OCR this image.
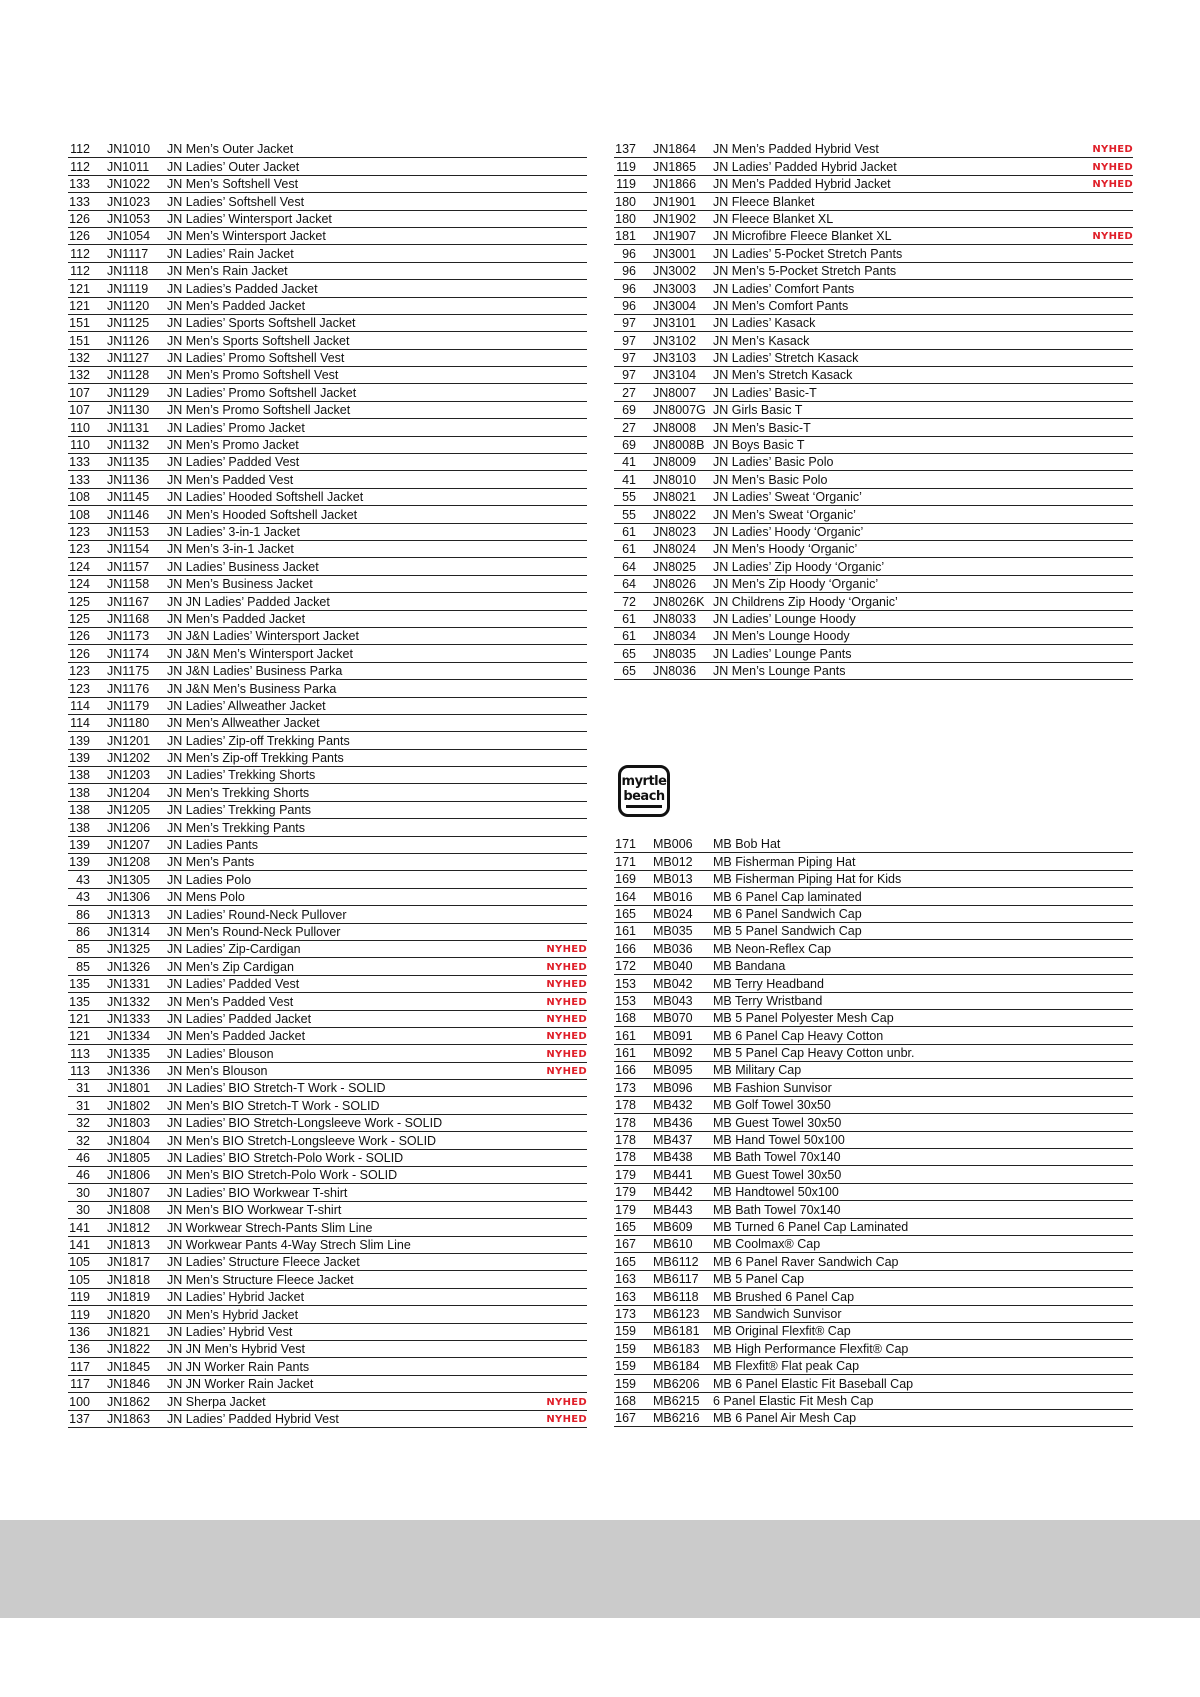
112 JN1010	JN Men’s Outer Jacket
112 JN1011	JN Ladies’ Outer Jacket
133 JN1022	JN Men’s Softshell Vest
133 JN1023	JN Ladies’ Softshell Vest
126 JN1053	JN Ladies’ Wintersport Jacket
126 JN1054	JN Men’s Wintersport Jacket
112 JN1117	JN Ladies’ Rain Jacket
112 JN1118	JN Men’s Rain Jacket
121 JN1119	JN Ladies’s Padded Jacket
121 JN1120	JN Men’s Padded Jacket
151 JN1125	JN Ladies’ Sports Softshell Jacket
151 JN1126	JN Men’s Sports Softshell Jacket
132 JN1127	JN Ladies’ Promo Softshell Vest
132 JN1128	JN Men’s Promo Softshell Vest
107 JN1129	JN Ladies’ Promo Softshell Jacket
107 JN1130	JN Men’s Promo Softshell Jacket
110 JN1131	JN Ladies’ Promo Jacket
110 JN1132	JN Men’s Promo Jacket
133 JN1135	JN Ladies’ Padded Vest
133 JN1136	JN Men’s Padded Vest
108 JN1145	JN Ladies’ Hooded Softshell Jacket
108 JN1146	JN Men’s Hooded Softshell Jacket
123 JN1153	JN Ladies’ 3-in-1 Jacket
123 JN1154	JN Men’s 3-in-1 Jacket
124 JN1157	JN Ladies’ Business Jacket
124 JN1158	JN Men’s Business Jacket
125 JN1167	JN JN Ladies’ Padded Jacket
125 JN1168	JN Men’s Padded Jacket
126 JN1173	JN J&N Ladies’ Wintersport Jacket
126 JN1174	JN J&N Men’s Wintersport Jacket
123 JN1175	JN J&N Ladies’ Business Parka
123 JN1176	JN J&N Men’s Business Parka
114 JN1179	JN Ladies’ Allweather Jacket
114 JN1180	JN Men’s Allweather Jacket
139 JN1201	JN Ladies’ Zip-off Trekking Pants
139 JN1202	JN Men’s Zip-off Trekking Pants
138 JN1203	JN Ladies’ Trekking Shorts
138 JN1204	JN Men’s Trekking Shorts
138 JN1205	JN Ladies’ Trekking Pants
138 JN1206	JN Men’s Trekking Pants
139 JN1207	JN Ladies Pants
139 JN1208	JN Men’s Pants
43 JN1305	JN Ladies Polo
43 JN1306	JN Mens Polo
86 JN1313	JN Ladies’ Round-Neck Pullover
86 JN1314	JN Men’s Round-Neck Pullover
85 JN1325	JN Ladies’ Zip-Cardigan	NYHED
85 JN1326	JN Men’s Zip Cardigan	NYHED
135 JN1331	JN Ladies’ Padded Vest	NYHED
135 JN1332	JN Men’s Padded Vest	NYHED
121 JN1333	JN Ladies’ Padded Jacket	NYHED
121 JN1334	JN Men’s Padded Jacket	NYHED
113 JN1335	JN Ladies’ Blouson	NYHED
113 JN1336	JN Men’s Blouson	NYHED
31 JN1801	JN Ladies’ BIO Stretch-T Work - SOLID
31 JN1802	JN Men’s BIO Stretch-T Work - SOLID
32 JN1803	JN Ladies’ BIO Stretch-Longsleeve Work - SOLID
32 JN1804	JN Men’s BIO Stretch-Longsleeve Work - SOLID
46 JN1805	JN Ladies’ BIO Stretch-Polo Work - SOLID
46 JN1806	JN Men’s BIO Stretch-Polo Work - SOLID
30 JN1807	JN Ladies’ BIO Workwear T-shirt
30 JN1808	JN Men’s BIO Workwear T-shirt
141 JN1812	JN Workwear Strech-Pants Slim Line
141 JN1813	JN Workwear Pants 4-Way Strech Slim Line
105 JN1817	JN Ladies’ Structure Fleece Jacket
105 JN1818	JN Men’s Structure Fleece Jacket
119 JN1819	JN Ladies’ Hybrid Jacket
119 JN1820	JN Men’s Hybrid Jacket
136 JN1821	JN Ladies’ Hybrid Vest
136 JN1822	JN JN Men’s Hybrid Vest
117 JN1845	JN JN Worker Rain Pants
117 JN1846	JN JN Worker Rain Jacket
100 JN1862	JN Sherpa Jacket	NYHED
137 JN1863	JN Ladies’ Padded Hybrid Vest	NYHED
137 JN1864	JN Men’s Padded Hybrid Vest	NYHED
119 JN1865	JN Ladies’ Padded Hybrid Jacket	NYHED
119 JN1866	JN Men’s Padded Hybrid Jacket	NYHED
180 JN1901	JN Fleece Blanket
180 JN1902	JN Fleece Blanket XL
181 JN1907	JN Microfibre Fleece Blanket XL	NYHED
96 JN3001	JN Ladies’ 5-Pocket Stretch Pants
96 JN3002	JN Men’s 5-Pocket Stretch Pants
96 JN3003	JN Ladies’ Comfort Pants
96 JN3004	JN Men’s Comfort Pants
97 JN3101	JN Ladies’ Kasack
97 JN3102	JN Men’s Kasack
97 JN3103	JN Ladies’ Stretch Kasack
97 JN3104	JN Men’s Stretch Kasack
27 JN8007	JN Ladies’ Basic-T
69 JN8007G JN Girls Basic T
27 JN8008	JN Men’s Basic-T
69 JN8008B JN Boys Basic T
41 JN8009	JN Ladies’ Basic Polo
41 JN8010	JN Men’s Basic Polo
55 JN8021	JN Ladies’ Sweat ‘Organic’
55 JN8022	JN Men’s Sweat ‘Organic’
61 JN8023	JN Ladies’ Hoody ‘Organic’
61 JN8024	JN Men’s Hoody ‘Organic’
64 JN8025	JN Ladies’ Zip Hoody ‘Organic’
64 JN8026	JN Men’s Zip Hoody ‘Organic’
72 JN8026K JN Childrens Zip Hoody ‘Organic’
61 JN8033	JN Ladies’ Lounge Hoody
61 JN8034	JN Men’s Lounge Hoody
65 JN8035	JN Ladies’ Lounge Pants
65 JN8036	JN Men’s Lounge Pants
myrtle
beach
171 MB006	MB Bob Hat
171 MB012	MB Fisherman Piping Hat
169 MB013	MB Fisherman Piping Hat for Kids
164 MB016	MB 6 Panel Cap laminated
165 MB024	MB 6 Panel Sandwich Cap
161 MB035	MB 5 Panel Sandwich Cap
166 MB036	MB Neon-Reflex Cap
172 MB040	MB Bandana
153 MB042	MB Terry Headband
153 MB043	MB Terry Wristband
168 MB070	MB 5 Panel Polyester Mesh Cap
161 MB091	MB 6 Panel Cap Heavy Cotton
161 MB092	MB 5 Panel Cap Heavy Cotton unbr.
166 MB095	MB Military Cap
173 MB096	MB Fashion Sunvisor
178 MB432	MB Golf Towel 30x50
178 MB436	MB Guest Towel 30x50
178 MB437	MB Hand Towel 50x100
178 MB438	MB Bath Towel 70x140
179 MB441	MB Guest Towel 30x50
179 MB442	MB Handtowel 50x100
179 MB443	MB Bath Towel 70x140
165 MB609	MB Turned 6 Panel Cap Laminated
167 MB610	MB Coolmax® Cap
165 MB6112	MB 6 Panel Raver Sandwich Cap
163 MB6117	MB 5 Panel Cap
163 MB6118	MB Brushed 6 Panel Cap
173 MB6123	MB Sandwich Sunvisor
159 MB6181	MB Original Flexfit® Cap
159 MB6183	MB High Performance Flexfit® Cap
159 MB6184	MB Flexfit® Flat peak Cap
159 MB6206	MB 6 Panel Elastic Fit Baseball Cap
168 MB6215	6 Panel Elastic Fit Mesh Cap
167 MB6216	MB 6 Panel Air Mesh Cap
